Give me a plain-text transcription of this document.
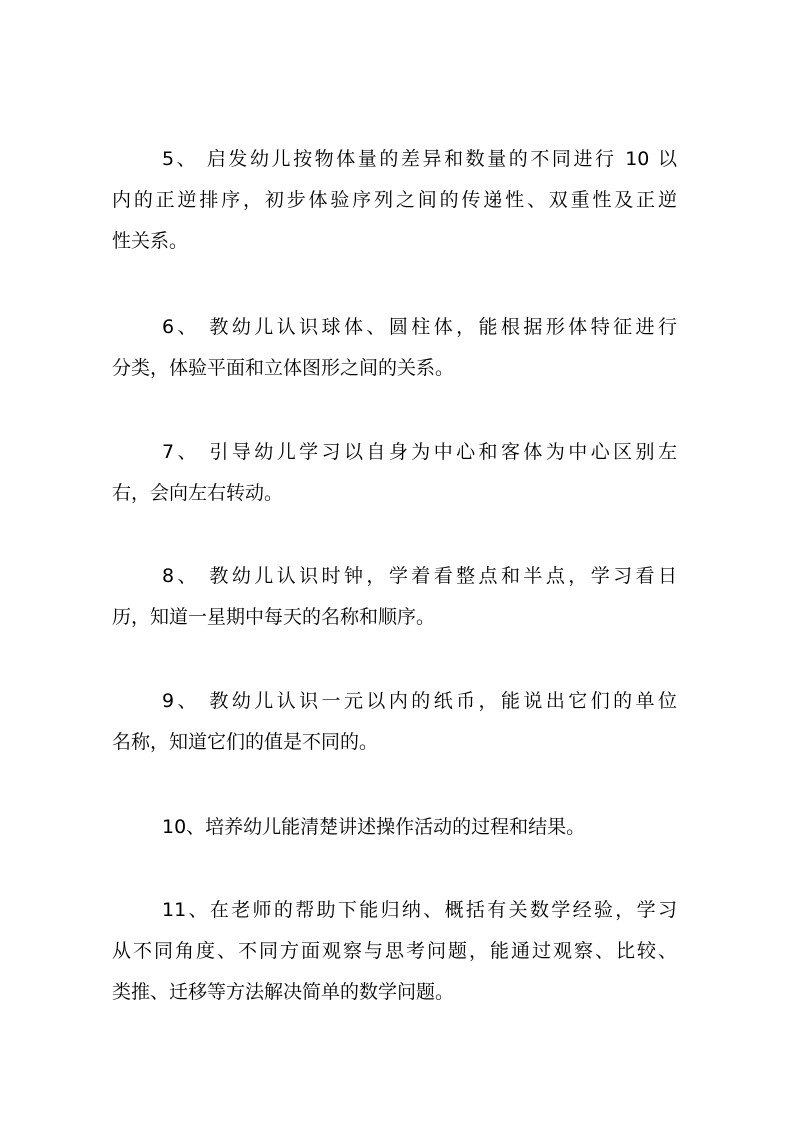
5、 启发幼儿按物体量的差异和数量的不同进行 10 以
内的正逆排序，初步体验序列之间的传递性、双重性及正逆
性关系。
6、 教幼儿认识球体、圆柱体，能根据形体特征进行
分类，体验平面和立体图形之间的关系。
7、 引导幼儿学习以自身为中心和客体为中心区别左
右，会向左右转动。
8、 教幼儿认识时钟，学着看整点和半点，学习看日
历，知道一星期中每天的名称和顺序。
9、 教幼儿认识一元以内的纸币，能说出它们的单位
名称，知道它们的值是不同的。
10、培养幼儿能清楚讲述操作活动的过程和结果。
11、在老师的帮助下能归纳、概括有关数学经验，学习
从不同角度、不同方面观察与思考问题，能通过观察、比较、
类推、迁移等方法解决简单的数学问题。
